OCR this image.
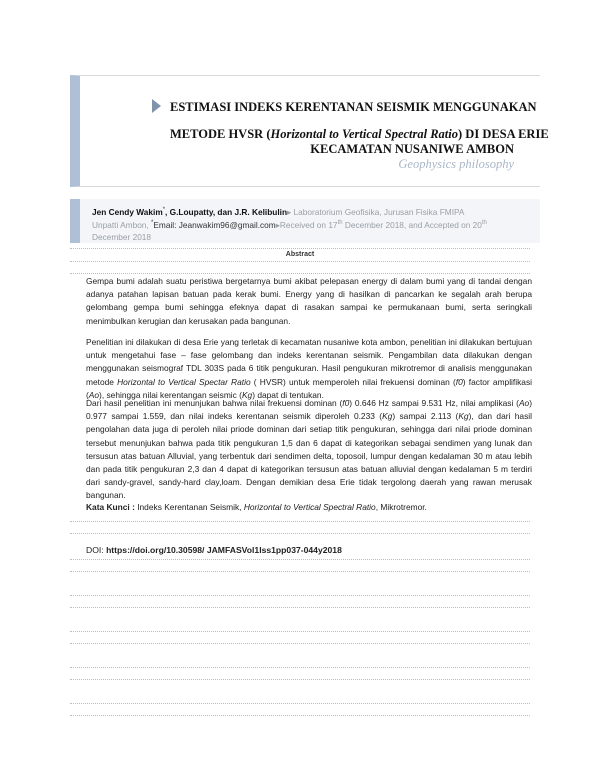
ESTIMASI INDEKS KERENTANAN SEISMIK MENGGUNAKAN
METODE HVSR (Horizontal to Vertical Spectral Ratio) DI DESA ERIE
KECAMATAN NUSANIWE AMBON
Geophysics philosophy
Jen Cendy Wakim*, G.Loupatty, dan J.R. Kelibulin▸ Laboratorium Geofisika, Jurusan Fisika FMIPA
Unpatti Ambon, *Email: Jeanwakim96@gmail.com▸Received on 17th December 2018, and Accepted on 20th
December 2018
Abstract

Gempa bumi adalah suatu peristiwa bergetarnya bumi akibat pelepasan energy di dalam bumi yang di tandai dengan adanya patahan lapisan batuan pada kerak bumi. Energy yang di hasilkan di pancarkan ke segalah arah berupa gelombang gempa bumi sehingga efeknya dapat di rasakan sampai ke permukanaan bumi, serta seringkali menimbulkan kerugian dan kerusakan pada bangunan.

Penelitian ini dilakukan di desa Erie yang terletak di kecamatan nusaniwe kota ambon, penelitian ini dilakukan bertujuan untuk mengetahui fase – fase gelombang dan indeks kerentanan seismik. Pengambilan data dilakukan dengan menggunakan seismograf TDL 303S pada 6 titik pengukuran. Hasil pengukuran mikrotremor di analisis menggunakan metode Horizontal to Vertical Spectar Ratio ( HVSR) untuk memperoleh nilai frekuensi dominan (f0) factor amplifikasi (Ao), sehingga nilai kerentangan seismic (Kg) dapat di tentukan.

Dari hasil penelitian ini menunjukan bahwa nilai frekuensi dominan (f0) 0.646 Hz sampai 9.531 Hz, nilai amplikasi (Ao) 0.977 sampai 1.559, dan nilai indeks kerentanan seismik diperoleh 0.233 (Kg) sampai 2.113 (Kg), dan dari hasil pengolahan data juga di peroleh nilai priode dominan dari setiap titik pengukuran, sehingga dari nilai priode dominan tersebut menunjukan bahwa pada titik pengukuran 1,5 dan 6 dapat di kategorikan sebagai sendimen yang lunak dan tersusun atas batuan Alluvial, yang terbentuk dari sendimen delta, toposoil, lumpur dengan kedalaman 30 m atau lebih dan pada titik pengukuran 2,3 dan 4 dapat di kategorikan tersusun atas batuan alluvial dengan kedalaman 5 m terdiri dari sandy-gravel, sandy-hard clay,loam. Dengan demikian desa Erie tidak tergolong daerah yang rawan merusak bangunan.

Kata Kunci : Indeks Kerentanan Seismik, Horizontal to Vertical Spectral Ratio, Mikrotremor.

DOI: https://doi.org/10.30598/ JAMFASVol1Iss1pp037-044y2018
